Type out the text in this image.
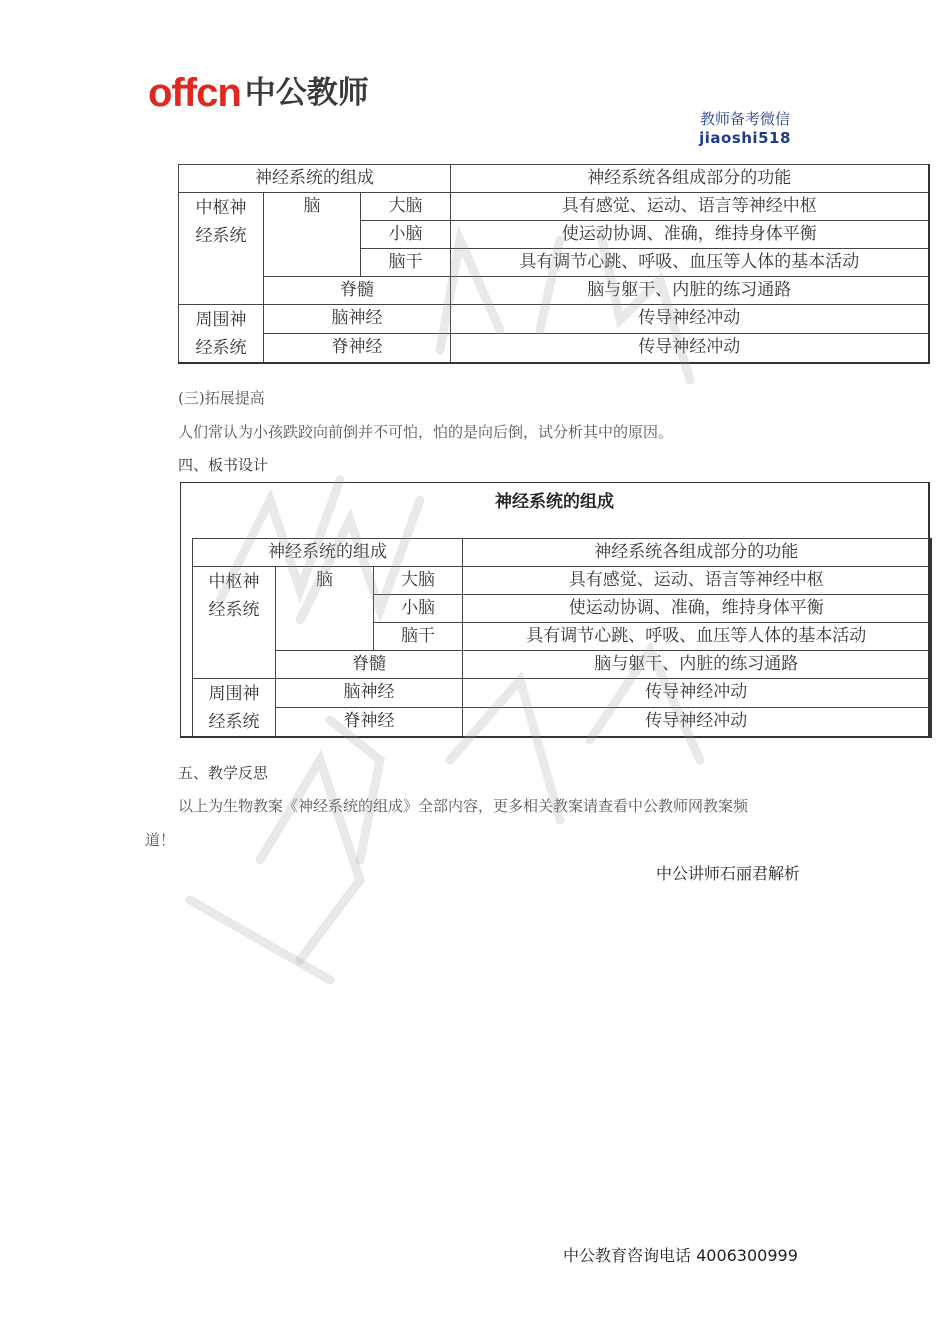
offcn 中公教师
教师备考微信
jiaoshi518
神经系统的组成			神经系统各组成部分的功能

中枢神
经系统	脑	大脑	具有感觉、运动、语言等神经中枢
		小脑	使运动协调、准确，维持身体平衡
		脑干	具有调节心跳、呼吸、血压等人体的基本活动
	脊髓		脑与躯干、内脏的练习通路

周围神
经系统	脑神经		传导神经冲动
	脊神经		传导神经冲动
(三)拓展提高
人们常认为小孩跌跤向前倒并不可怕，怕的是向后倒，试分析其中的原因。
四、板书设计
神经系统的组成
神经系统的组成			神经系统各组成部分的功能

中枢神
经系统	脑	大脑	具有感觉、运动、语言等神经中枢
		小脑	使运动协调、准确，维持身体平衡
		脑干	具有调节心跳、呼吸、血压等人体的基本活动
	脊髓		脑与躯干、内脏的练习通路

周围神
经系统	脑神经		传导神经冲动
	脊神经		传导神经冲动
五、教学反思
以上为生物教案《神经系统的组成》全部内容，更多相关教案请查看中公教师网教案频
道！
中公讲师石丽君解析
中公教育咨询电话 4006300999
